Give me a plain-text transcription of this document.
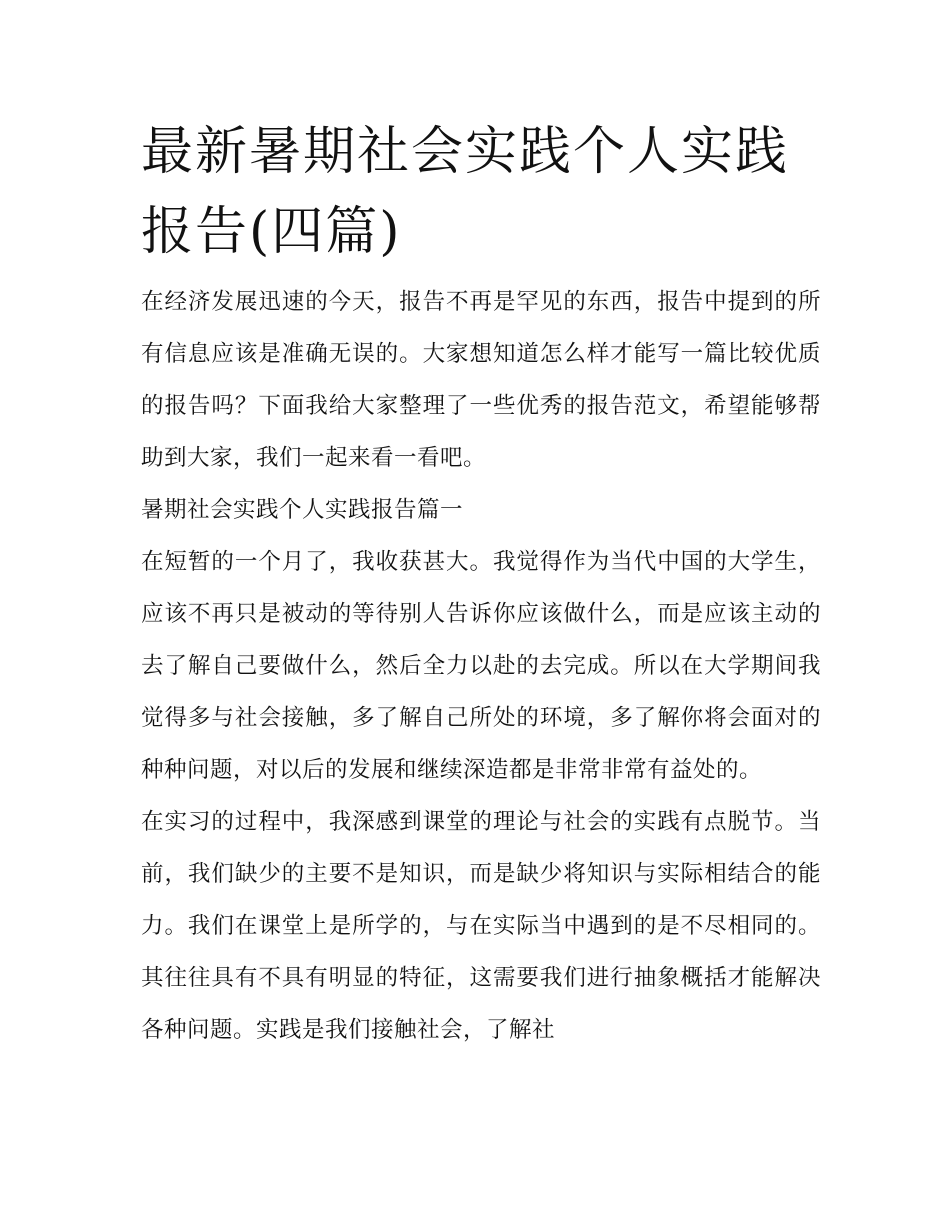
最新暑期社会实践个人实践报告(四篇)

在经济发展迅速的今天，报告不再是罕见的东西，报告中提到的所有信息应该是准确无误的。大家想知道怎么样才能写一篇比较优质的报告吗？下面我给大家整理了一些优秀的报告范文，希望能够帮助到大家，我们一起来看一看吧。

暑期社会实践个人实践报告篇一

在短暂的一个月了，我收获甚大。我觉得作为当代中国的大学生，应该不再只是被动的等待别人告诉你应该做什么，而是应该主动的去了解自己要做什么，然后全力以赴的去完成。所以在大学期间我觉得多与社会接触，多了解自己所处的环境，多了解你将会面对的种种问题，对以后的发展和继续深造都是非常非常有益处的。

在实习的过程中，我深感到课堂的理论与社会的实践有点脱节。当前，我们缺少的主要不是知识，而是缺少将知识与实际相结合的能力。我们在课堂上是所学的，与在实际当中遇到的是不尽相同的。其往往具有不具有明显的特征，这需要我们进行抽象概括才能解决各种问题。实践是我们接触社会，了解社
